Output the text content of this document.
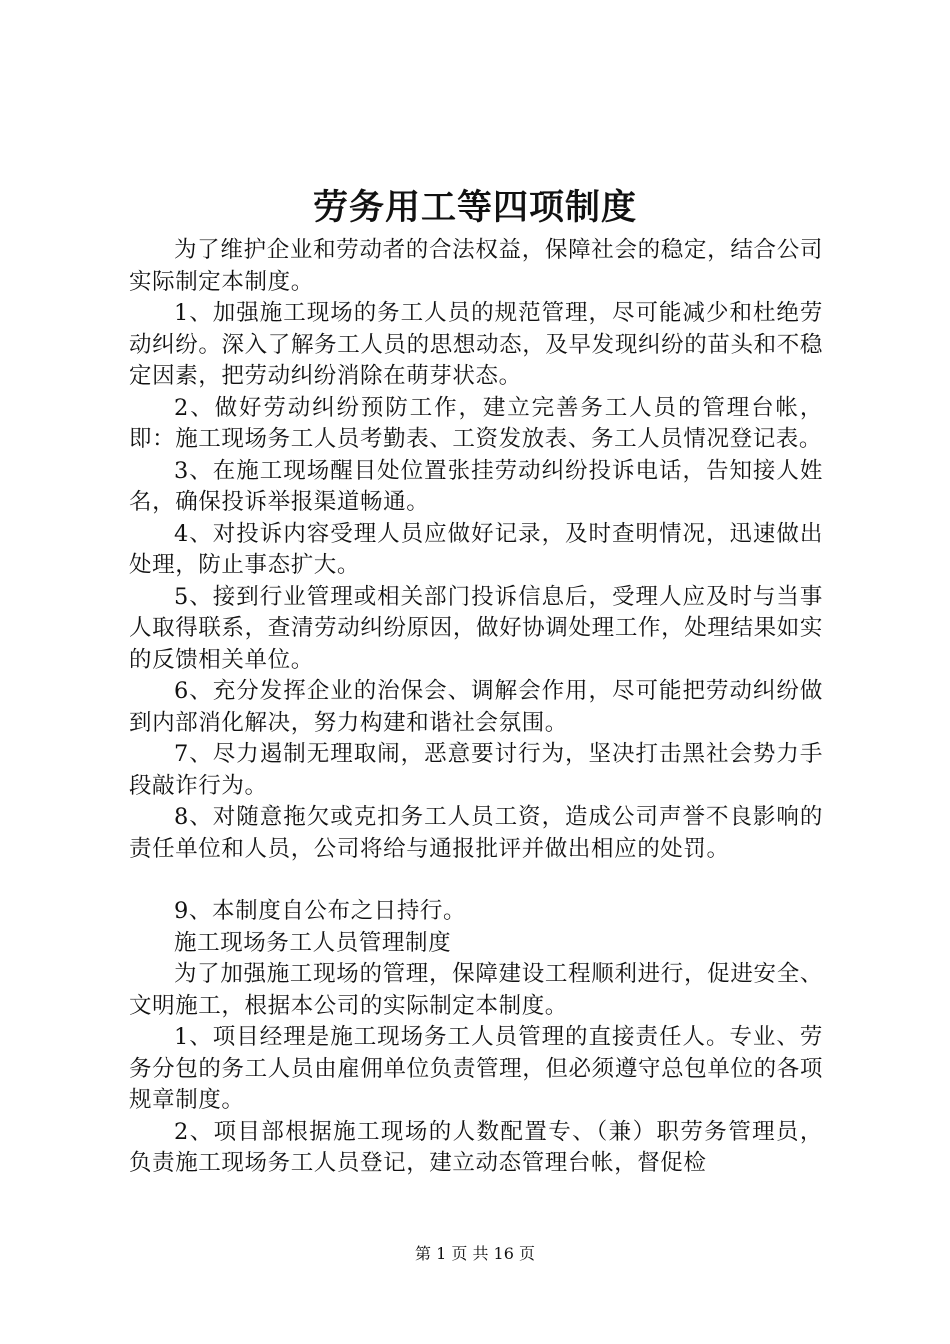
劳务用工等四项制度

为了维护企业和劳动者的合法权益，保障社会的稳定，结合公司实际制定本制度。

1、加强施工现场的务工人员的规范管理，尽可能减少和杜绝劳动纠纷。深入了解务工人员的思想动态，及早发现纠纷的苗头和不稳定因素，把劳动纠纷消除在萌芽状态。

2、做好劳动纠纷预防工作，建立完善务工人员的管理台帐，即：施工现场务工人员考勤表、工资发放表、务工人员情况登记表。

3、在施工现场醒目处位置张挂劳动纠纷投诉电话，告知接人姓名，确保投诉举报渠道畅通。

4、对投诉内容受理人员应做好记录，及时查明情况，迅速做出处理，防止事态扩大。

5、接到行业管理或相关部门投诉信息后，受理人应及时与当事人取得联系，查清劳动纠纷原因，做好协调处理工作，处理结果如实的反馈相关单位。

6、充分发挥企业的治保会、调解会作用，尽可能把劳动纠纷做到内部消化解决，努力构建和谐社会氛围。

7、尽力遏制无理取闹，恶意要讨行为，坚决打击黑社会势力手段敲诈行为。

8、对随意拖欠或克扣务工人员工资，造成公司声誉不良影响的责任单位和人员，公司将给与通报批评并做出相应的处罚。

9、本制度自公布之日持行。

施工现场务工人员管理制度

为了加强施工现场的管理，保障建设工程顺利进行，促进安全、文明施工，根据本公司的实际制定本制度。

1、项目经理是施工现场务工人员管理的直接责任人。专业、劳务分包的务工人员由雇佣单位负责管理，但必须遵守总包单位的各项规章制度。

2、项目部根据施工现场的人数配置专、（兼）职劳务管理员，负责施工现场务工人员登记，建立动态管理台帐，督促检

第 1 页 共 16 页
